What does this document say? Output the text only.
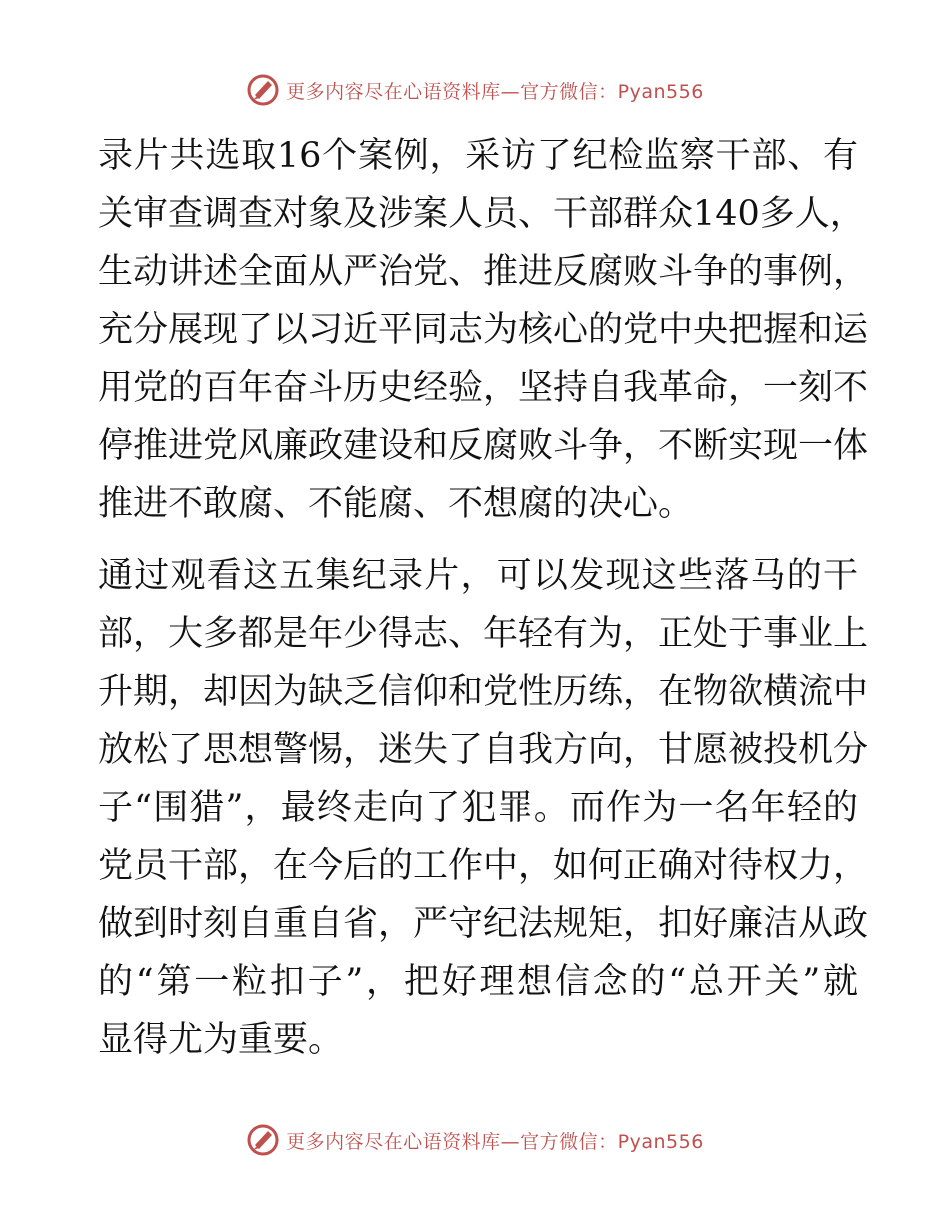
更多内容尽在心语资料库—官方微信：Pyan556
录片共选取16个案例，采访了纪检监察干部、有
关审查调查对象及涉案人员、干部群众140多人，
生动讲述全面从严治党、推进反腐败斗争的事例，
充分展现了以习近平同志为核心的党中央把握和运
用党的百年奋斗历史经验，坚持自我革命，一刻不
停推进党风廉政建设和反腐败斗争，不断实现一体
推进不敢腐、不能腐、不想腐的决心。
通过观看这五集纪录片，可以发现这些落马的干
部，大多都是年少得志、年轻有为，正处于事业上
升期，却因为缺乏信仰和党性历练，在物欲横流中
放松了思想警惕，迷失了自我方向，甘愿被投机分
子“围猎”，最终走向了犯罪。而作为一名年轻的
党员干部，在今后的工作中，如何正确对待权力，
做到时刻自重自省，严守纪法规矩，扣好廉洁从政
的“第一粒扣子”，把好理想信念的“总开关”就
显得尤为重要。
更多内容尽在心语资料库—官方微信：Pyan556
